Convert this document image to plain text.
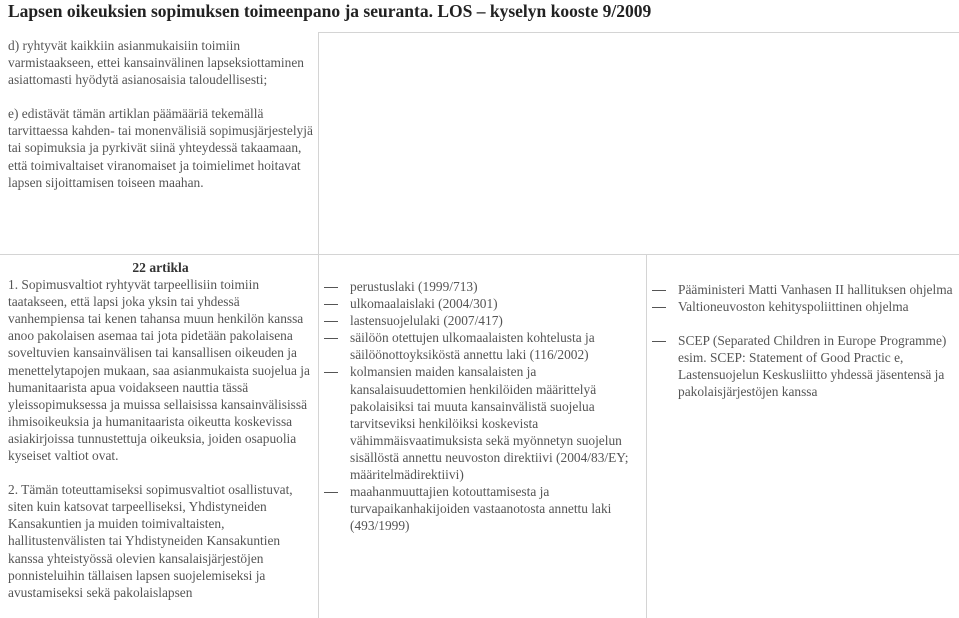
Lapsen oikeuksien sopimuksen toimeenpano ja seuranta. LOS – kyselyn kooste 9/2009

d) ryhtyvät kaikkiin asianmukaisiin toimiin varmistaakseen, ettei kansainvälinen lapseksiottaminen asiattomasti hyödytä asianosaisia taloudellisesti;

e) edistävät tämän artiklan päämääriä tekemällä tarvittaessa kahden- tai monenvälisiä sopimusjärjestelyjä tai sopimuksia ja pyrkivät siinä yhteydessä takaamaan, että toimivaltaiset viranomaiset ja toimielimet hoitavat lapsen sijoittamisen toiseen maahan.

22 artikla

1. Sopimusvaltiot ryhtyvät tarpeellisiin toimiin taatakseen, että lapsi joka yksin tai yhdessä vanhempiensa tai kenen tahansa muun henkilön kanssa anoo pakolaisen asemaa tai jota pidetään pakolaisena soveltuvien kansainvälisen tai kansallisen oikeuden ja menettelytapojen mukaan, saa asianmukaista suojelua ja humanitaarista apua voidakseen nauttia tässä yleissopimuksessa ja muissa sellaisissa kansainvälisissä ihmisoikeuksia ja humanitaarista oikeutta koskevissa asiakirjoissa tunnustettuja oikeuksia, joiden osapuolia kyseiset valtiot ovat.

2. Tämän toteuttamiseksi sopimusvaltiot osallistuvat, siten kuin katsovat tarpeelliseksi, Yhdistyneiden Kansakuntien ja muiden toimivaltaisten, hallitustenvälisten tai Yhdistyneiden Kansakuntien kanssa yhteistyössä olevien kansalaisjärjestöjen ponnisteluihin tällaisen lapsen suojelemiseksi ja avustamiseksi sekä pakolaislapsen

perustuslaki (1999/713)
ulkomaalaislaki (2004/301)
lastensuojelulaki (2007/417)
säilöön otettujen ulkomaalaisten kohtelusta ja säilöönottoyksiköstä annettu laki (116/2002)
kolmansien maiden kansalaisten ja kansalaisuudettomien henkilöiden määrittelyä pakolaisiksi tai muuta kansainvälistä suojelua tarvitseviksi henkilöiksi koskevista vähimmäisvaatimuksista sekä myönnetyn suojelun sisällöstä annettu neuvoston direktiivi (2004/83/EY; määritelmädirektiivi)
maahanmuuttajien kotouttamisesta ja turvapaikanhakijoiden vastaanotosta annettu laki (493/1999)
Pääministeri Matti Vanhasen II hallituksen ohjelma
Valtioneuvoston kehityspoliittinen ohjelma
SCEP (Separated Children in Europe Programme) esim. SCEP: Statement of Good Practic e, Lastensuojelun Keskusliitto yhdessä jäsentensä ja pakolaisjärjestöjen kanssa
